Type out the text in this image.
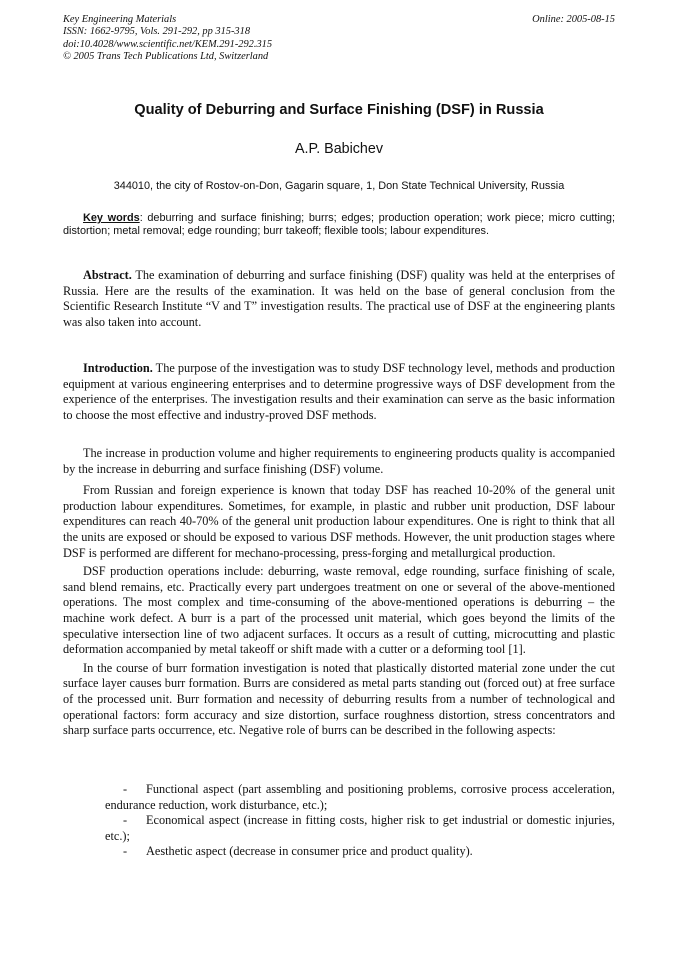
Key Engineering Materials
ISSN: 1662-9795, Vols. 291-292, pp 315-318
doi:10.4028/www.scientific.net/KEM.291-292.315
© 2005 Trans Tech Publications Ltd, Switzerland
Online: 2005-08-15
Quality of Deburring and Surface Finishing (DSF) in Russia
A.P. Babichev
344010, the city of Rostov-on-Don, Gagarin square, 1, Don State Technical University, Russia

Key words: deburring and surface finishing; burrs; edges; production operation; work piece; micro cutting; distortion; metal removal; edge rounding; burr takeoff; flexible tools; labour expenditures.

Abstract. The examination of deburring and surface finishing (DSF) quality was held at the enterprises of Russia. Here are the results of the examination. It was held on the base of general conclusion from the Scientific Research Institute “V and T” investigation results. The practical use of DSF at the engineering plants was also taken into account.

Introduction. The purpose of the investigation was to study DSF technology level, methods and production equipment at various engineering enterprises and to determine progressive ways of DSF development from the experience of the enterprises. The investigation results and their examination can serve as the basic information to choose the most effective and industry-proved DSF methods.

The increase in production volume and higher requirements to engineering products quality is accompanied by the increase in deburring and surface finishing (DSF) volume.

From Russian and foreign experience is known that today DSF has reached 10-20% of the general unit production labour expenditures. Sometimes, for example, in plastic and rubber unit production, DSF labour expenditures can reach 40-70% of the general unit production labour expenditures. One is right to think that all the units are exposed or should be exposed to various DSF methods. However, the unit production stages where DSF is performed are different for mechano-processing, press-forging and metallurgical production.

DSF production operations include: deburring, waste removal, edge rounding, surface finishing of scale, sand blend remains, etc. Practically every part undergoes treatment on one or several of the above-mentioned operations. The most complex and time-consuming of the above-mentioned operations is deburring – the machine work defect. A burr is a part of the processed unit material, which goes beyond the limits of the speculative intersection line of two adjacent surfaces. It occurs as a result of cutting, microcutting and plastic deformation accompanied by metal takeoff or shift made with a cutter or a deforming tool [1].

In the course of burr formation investigation is noted that plastically distorted material zone under the cut surface layer causes burr formation. Burrs are considered as metal parts standing out (forced out) at free surface of the processed unit. Burr formation and necessity of deburring results from a number of technological and operational factors: form accuracy and size distortion, surface roughness distortion, stress concentrators and sharp surface parts occurrence, etc. Negative role of burrs can be described in the following aspects:

- Functional aspect (part assembling and positioning problems, corrosive process acceleration, endurance reduction, work disturbance, etc.);
- Economical aspect (increase in fitting costs, higher risk to get industrial or domestic injuries, etc.);
- Aesthetic aspect (decrease in consumer price and product quality).
